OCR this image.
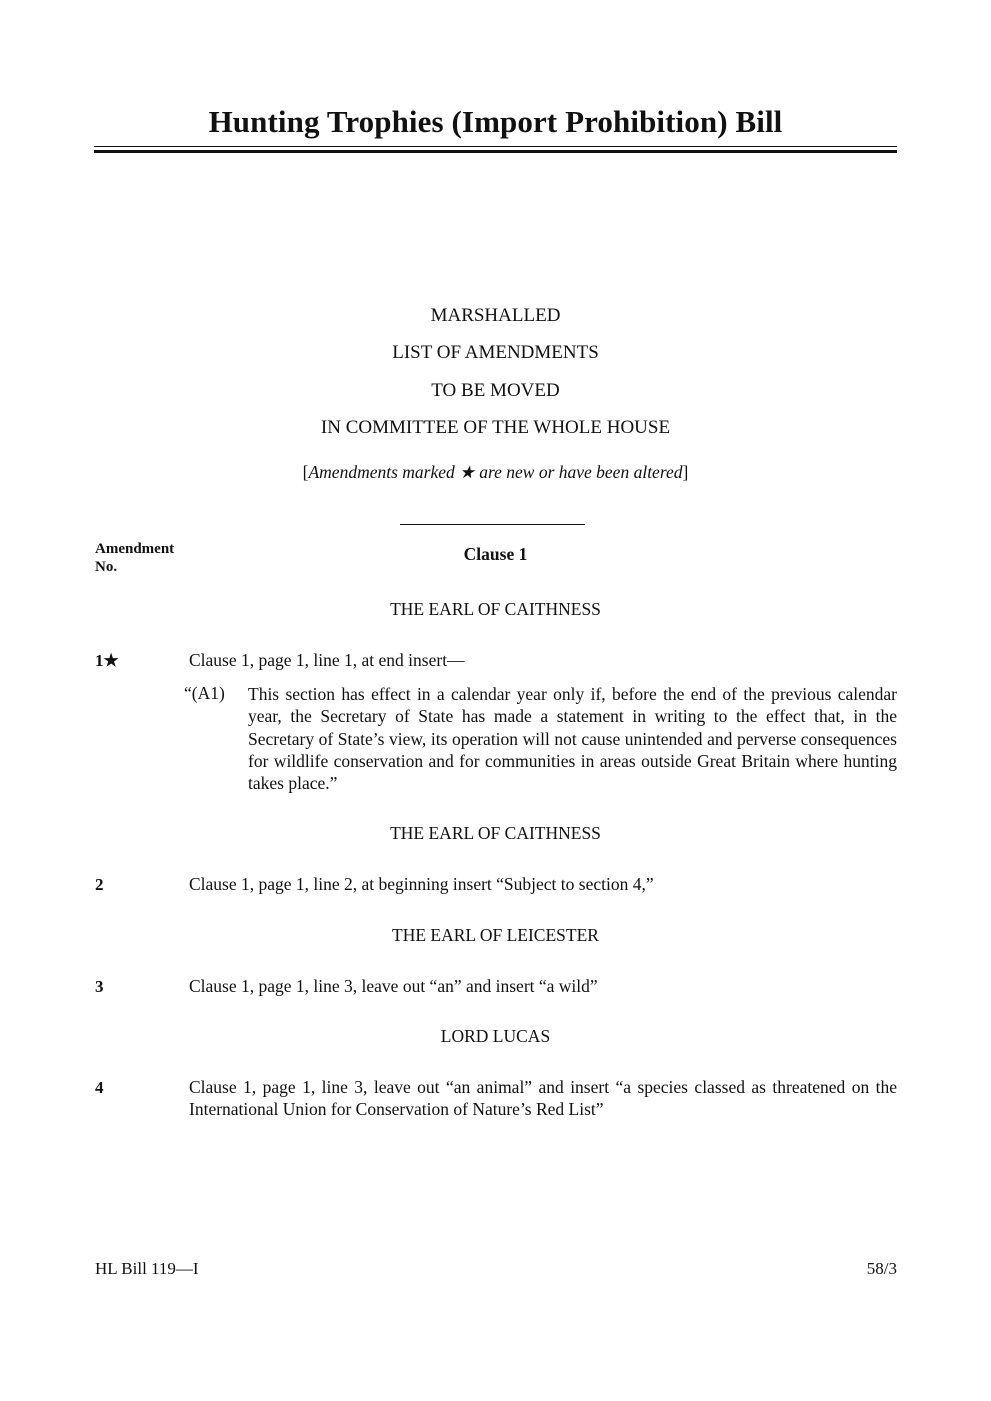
Hunting Trophies (Import Prohibition) Bill
MARSHALLED
LIST OF AMENDMENTS
TO BE MOVED
IN COMMITTEE OF THE WHOLE HOUSE
[Amendments marked ★ are new or have been altered]
Amendment
No.
Clause 1
THE EARL OF CAITHNESS
1★	Clause 1, page 1, line 1, at end insert—
“(A1) This section has effect in a calendar year only if, before the end of the previous calendar year, the Secretary of State has made a statement in writing to the effect that, in the Secretary of State’s view, its operation will not cause unintended and perverse consequences for wildlife conservation and for communities in areas outside Great Britain where hunting takes place.”
THE EARL OF CAITHNESS
2	Clause 1, page 1, line 2, at beginning insert “Subject to section 4,”
THE EARL OF LEICESTER
3	Clause 1, page 1, line 3, leave out “an” and insert “a wild”
LORD LUCAS
4	Clause 1, page 1, line 3, leave out “an animal” and insert “a species classed as threatened on the International Union for Conservation of Nature’s Red List”
HL Bill 119—I	58/3
